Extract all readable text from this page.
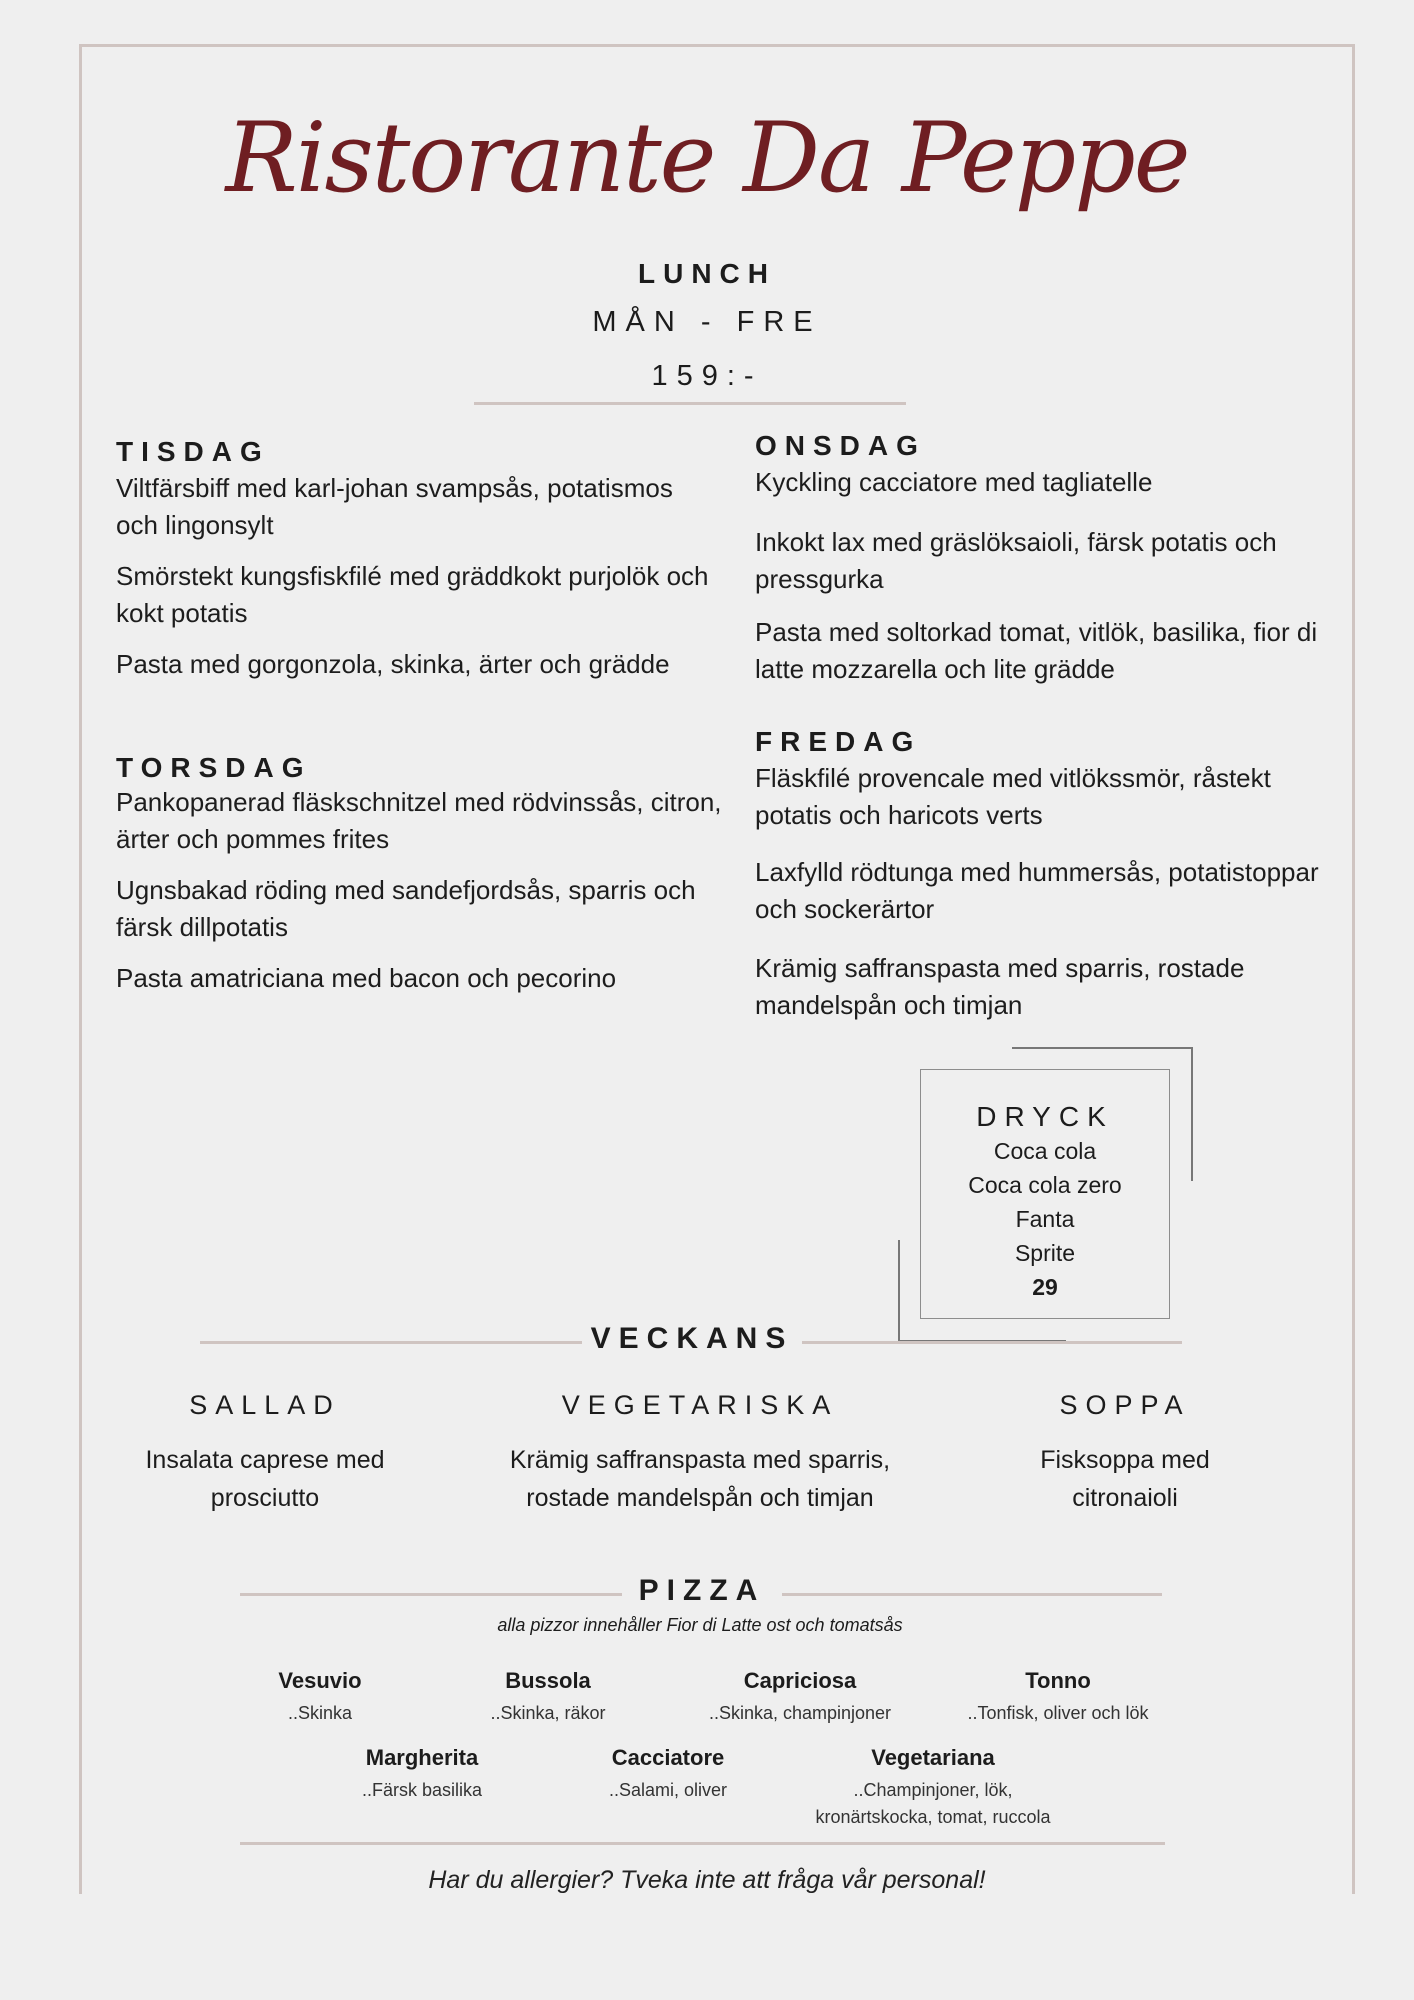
Ristorante Da Peppe
LUNCH
MÅN - FRE
159:-
TISDAG
Viltfärsbiff med karl-johan svampsås, potatismos och lingonsylt
Smörstekt kungsfiskfilé med gräddkokt purjolök och kokt potatis
Pasta med gorgonzola, skinka, ärter och grädde
ONSDAG
Kyckling cacciatore med tagliatelle
Inkokt lax med gräslöksaioli, färsk potatis och pressgurka
Pasta med soltorkad tomat, vitlök, basilika, fior di latte mozzarella och lite grädde
TORSDAG
Pankopanerad fläskschnitzel med rödvinssås, citron, ärter och pommes frites
Ugnsbakad röding med sandefjordsås, sparris och färsk dillpotatis
Pasta amatriciana med bacon och pecorino
FREDAG
Fläskfilé provencale med vitlökssmör, råstekt potatis och haricots verts
Laxfylld rödtunga med hummersås, potatistoppar och sockerärtor
Krämig saffranspasta med sparris, rostade mandelspån och timjan
DRYCK
Coca cola
Coca cola zero
Fanta
Sprite
29
VECKANS
SALLAD
Insalata caprese med prosciutto
VEGETARISKA
Krämig saffranspasta med sparris, rostade mandelspån och timjan
SOPPA
Fisksoppa med citronaioli
PIZZA
alla pizzor innehåller Fior di Latte ost och tomatsås
Vesuvio
..Skinka
Bussola
..Skinka, räkor
Capriciosa
..Skinka, champinjoner
Tonno
..Tonfisk, oliver och lök
Margherita
..Färsk basilika
Cacciatore
..Salami, oliver
Vegetariana
..Champinjoner, lök, kronärtskocka, tomat, ruccola
Har du allergier? Tveka inte att fråga vår personal!
